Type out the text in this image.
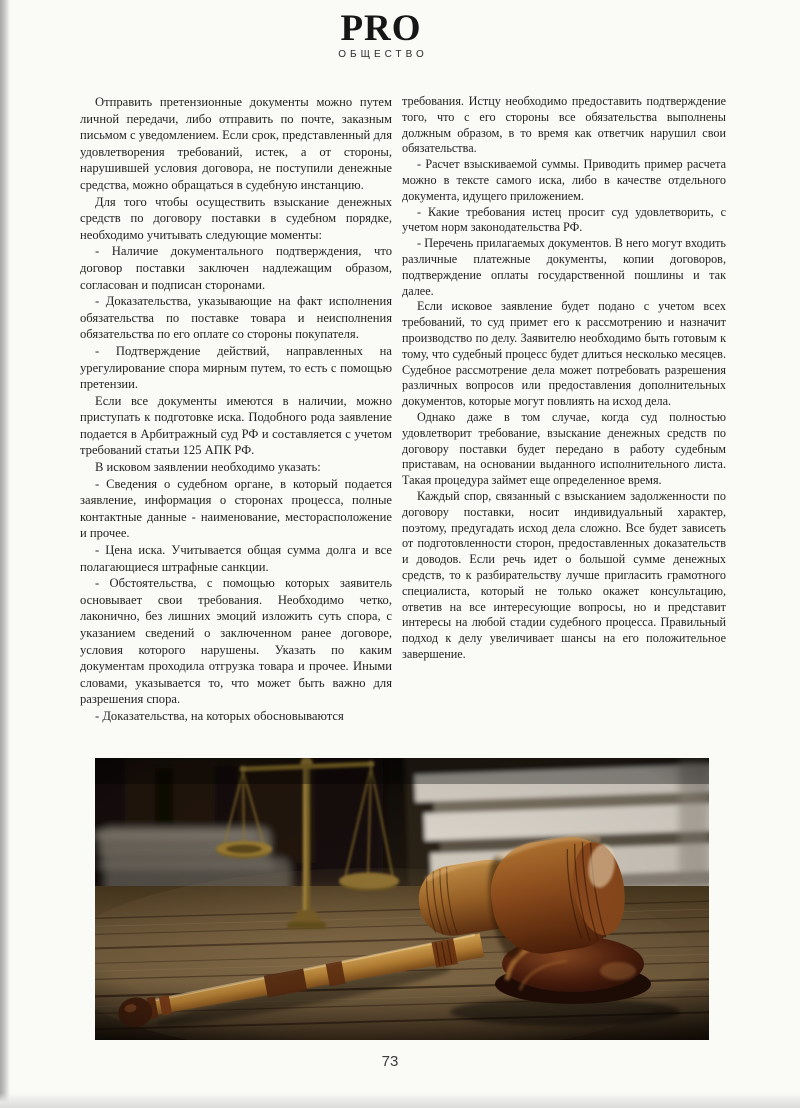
PRO
ОБЩЕСТВО

Отправить претензионные документы можно путем личной передачи, либо отправить по почте, заказным письмом с уведомлением. Если срок, представленный для удовлетворения требований, истек, а от стороны, нарушившей условия договора, не поступили денежные средства, можно обращаться в судебную инстанцию.

Для того чтобы осуществить взыскание денежных средств по договору поставки в судебном порядке, необходимо учитывать следующие моменты:

- Наличие документального подтверждения, что договор поставки заключен надлежащим образом, согласован и подписан сторонами.

- Доказательства, указывающие на факт исполнения обязательства по поставке товара и неисполнения обязательства по его оплате со стороны покупателя.

- Подтверждение действий, направленных на урегулирование спора мирным путем, то есть с помощью претензии.

Если все документы имеются в наличии, можно приступать к подготовке иска. Подобного рода заявление подается в Арбитражный суд РФ и составляется с учетом требований статьи 125 АПК РФ.

В исковом заявлении необходимо указать:

- Сведения о судебном органе, в который подается заявление, информация о сторонах процесса, полные контактные данные - наименование, месторасположение и прочее.

- Цена иска. Учитывается общая сумма долга и все полагающиеся штрафные санкции.

- Обстоятельства, с помощью которых заявитель основывает свои требования. Необходимо четко, лаконично, без лишних эмоций изложить суть спора, с указанием сведений о заключенном ранее договоре, условия которого нарушены. Указать по каким документам проходила отгрузка товара и прочее. Иными словами, указывается то, что может быть важно для разрешения спора.

- Доказательства, на которых обосновываются

требования. Истцу необходимо предоставить подтверждение того, что с его стороны все обязательства выполнены должным образом, в то время как ответчик нарушил свои обязательства.

- Расчет взыскиваемой суммы. Приводить пример расчета можно в тексте самого иска, либо в качестве отдельного документа, идущего приложением.

- Какие требования истец просит суд удовлетворить, с учетом норм законодательства РФ.

- Перечень прилагаемых документов. В него могут входить различные платежные документы, копии договоров, подтверждение оплаты государственной пошлины и так далее.

Если исковое заявление будет подано с учетом всех требований, то суд примет его к рассмотрению и назначит производство по делу. Заявителю необходимо быть готовым к тому, что судебный процесс будет длиться несколько месяцев. Судебное рассмотрение дела может потребовать разрешения различных вопросов или предоставления дополнительных документов, которые могут повлиять на исход дела.

Однако даже в том случае, когда суд полностью удовлетворит требование, взыскание денежных средств по договору поставки будет передано в работу судебным приставам, на основании выданного исполнительного листа. Такая процедура займет еще определенное время.

Каждый спор, связанный с взысканием задолженности по договору поставки, носит индивидуальный характер, поэтому, предугадать исход дела сложно. Все будет зависеть от подготовленности сторон, предоставленных доказательств и доводов. Если речь идет о большой сумме денежных средств, то к разбирательству лучше пригласить грамотного специалиста, который не только окажет консультацию, ответив на все интересующие вопросы, но и представит интересы на любой стадии судебного процесса. Правильный подход к делу увеличивает шансы на его положительное завершение.

73
